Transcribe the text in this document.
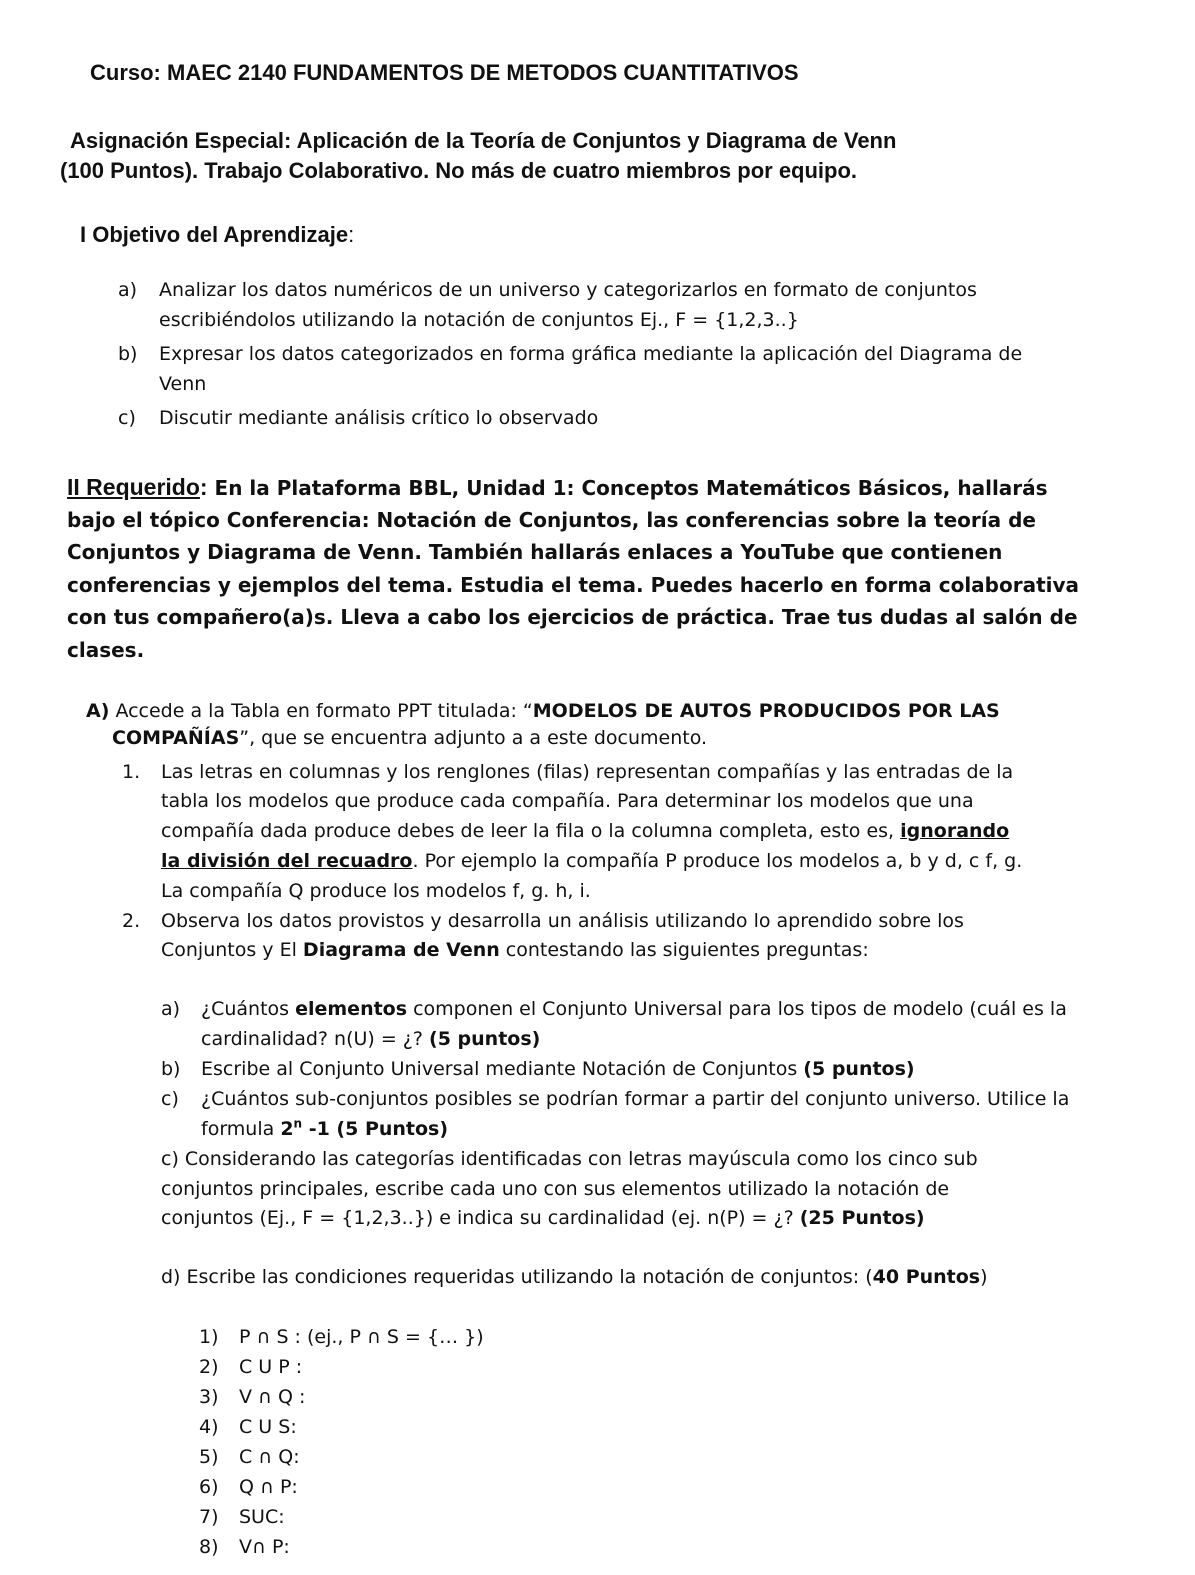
Curso: MAEC 2140 FUNDAMENTOS DE METODOS CUANTITATIVOS
Asignación Especial: Aplicación de la Teoría de Conjuntos y Diagrama de Venn
(100 Puntos). Trabajo Colaborativo. No más de cuatro miembros por equipo.
I Objetivo del Aprendizaje:
a) Analizar los datos numéricos de un universo y categorizarlos en formato de conjuntos
escribiéndolos utilizando la notación de conjuntos Ej., F = {1,2,3..}
b) Expresar los datos categorizados en forma gráfica mediante la aplicación del Diagrama de
Venn
c) Discutir mediante análisis crítico lo observado
II Requerido: En la Plataforma BBL, Unidad 1: Conceptos Matemáticos Básicos, hallarás
bajo el tópico Conferencia: Notación de Conjuntos, las conferencias sobre la teoría de
Conjuntos y Diagrama de Venn. También hallarás enlaces a YouTube que contienen
conferencias y ejemplos del tema. Estudia el tema. Puedes hacerlo en forma colaborativa
con tus compañero(a)s. Lleva a cabo los ejercicios de práctica. Trae tus dudas al salón de
clases.
A) Accede a la Tabla en formato PPT titulada: “MODELOS DE AUTOS PRODUCIDOS POR LAS
COMPAÑÍAS”, que se encuentra adjunto a a este documento.
1. Las letras en columnas y los renglones (filas) representan compañías y las entradas de la
tabla los modelos que produce cada compañía. Para determinar los modelos que una
compañía dada produce debes de leer la fila o la columna completa, esto es, ignorando
la división del recuadro. Por ejemplo la compañía P produce los modelos a, b y d, c f, g.
La compañía Q produce los modelos f, g. h, i.
2. Observa los datos provistos y desarrolla un análisis utilizando lo aprendido sobre los
Conjuntos y El Diagrama de Venn contestando las siguientes preguntas:
a) ¿Cuántos elementos componen el Conjunto Universal para los tipos de modelo (cuál es la
cardinalidad? n(U) = ¿? (5 puntos)
b) Escribe al Conjunto Universal mediante Notación de Conjuntos (5 puntos)
c) ¿Cuántos sub-conjuntos posibles se podrían formar a partir del conjunto universo. Utilice la
formula 2$^n$ -1 (5 Puntos)
c) Considerando las categorías identificadas con letras mayúscula como los cinco sub
conjuntos principales, escribe cada uno con sus elementos utilizado la notación de
conjuntos (Ej., F = {1,2,3..}) e indica su cardinalidad (ej. n(P) = ¿? (25 Puntos)
d) Escribe las condiciones requeridas utilizando la notación de conjuntos: (40 Puntos)
1) P ∩ S : (ej., P ∩ S = {… })
2) C U P :
3) V ∩ Q :
4) C U S:
5) C ∩ Q:
6) Q ∩ P:
7) SUC:
8) V∩ P:
